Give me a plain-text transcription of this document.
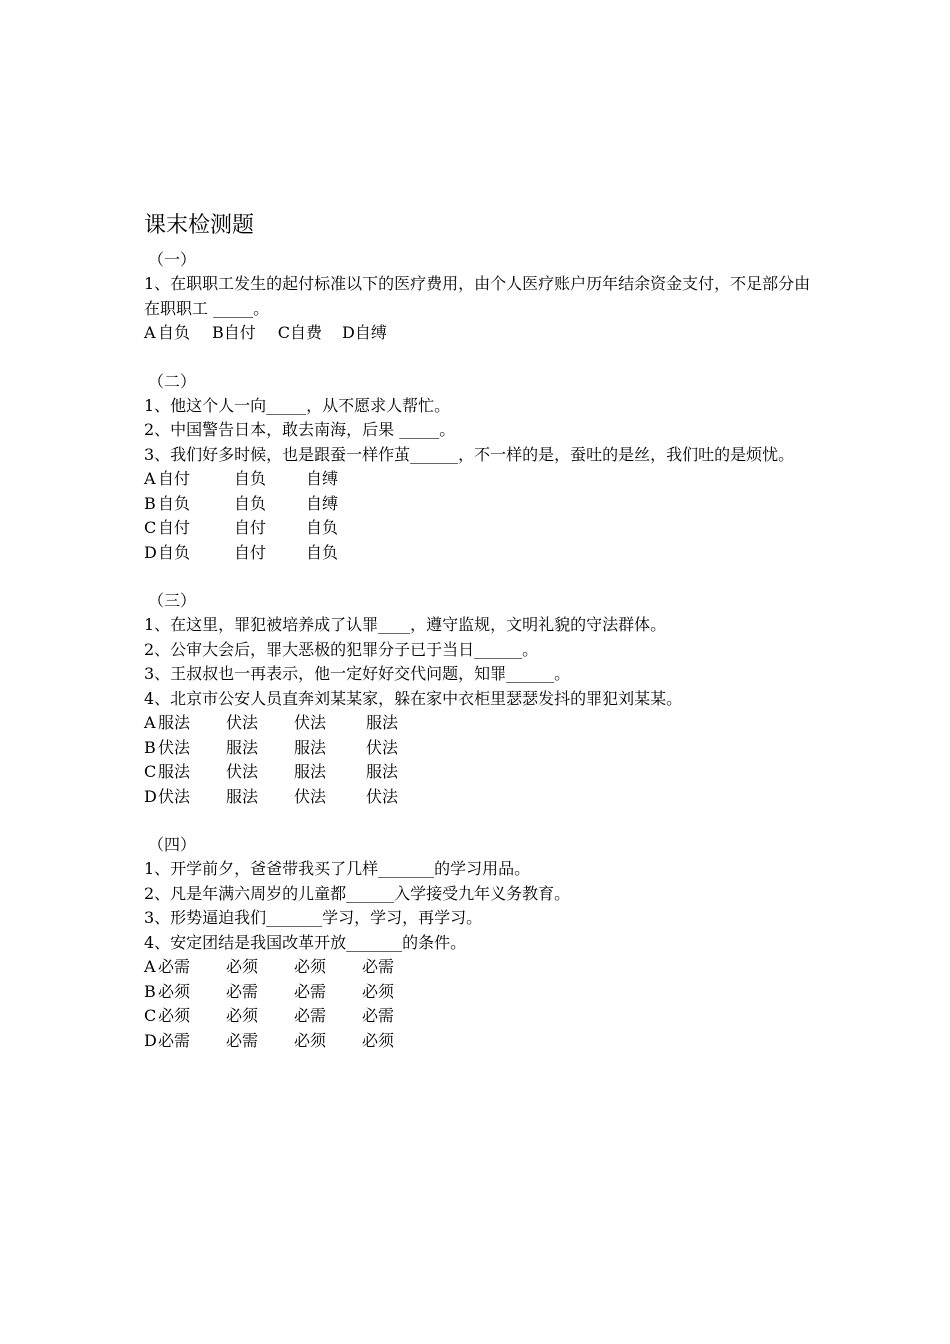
课末检测题
（一）
1、在职职工发生的起付标准以下的医疗费用，由个人医疗账户历年结余资金支付，不足部分由在职职工 _____。
A 自负 B自付 C自费 D自缚
（二）
1、他这个人一向_____，从不愿求人帮忙。
2、中国警告日本，敢去南海，后果 _____。
3、我们好多时候，也是跟蚕一样作茧______，不一样的是，蚕吐的是丝，我们吐的是烦忧。
A 自付	自负	自缚
B 自负	自负	自缚
C 自付	自付	自负
D 自负	自付	自负
（三）
1、在这里，罪犯被培养成了认罪____，遵守监规，文明礼貌的守法群体。
2、公审大会后，罪大恶极的犯罪分子已于当日______。
3、王叔叔也一再表示，他一定好好交代问题，知罪______。
4、北京市公安人员直奔刘某某家，躲在家中衣柜里瑟瑟发抖的罪犯刘某某。
A 服法 伏法 伏法	服法
B 伏法 服法 服法	伏法
C 服法 伏法 服法	服法
D 伏法 服法 伏法	伏法
（四）
1、开学前夕，爸爸带我买了几样_______的学习用品。
2、凡是年满六周岁的儿童都______入学接受九年义务教育。
3、形势逼迫我们_______学习，学习，再学习。
4、安定团结是我国改革开放_______的条件。
A 必需 必须 必须 必需
B 必须 必需 必需 必须
C 必须 必须 必需 必需
D 必需 必需 必须 必须
